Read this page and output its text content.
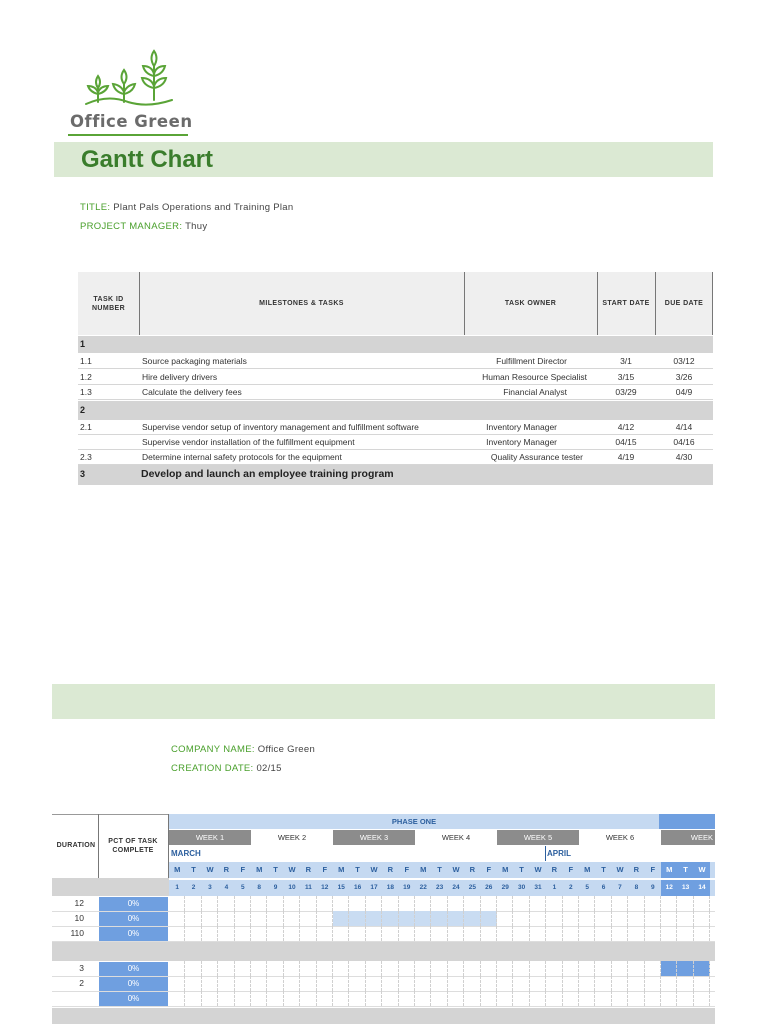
Office Green
Gantt Chart
TITLE: Plant Pals Operations and Training Plan
PROJECT MANAGER: Thuy
TASK ID NUMBER
MILESTONES & TASKS	TASK OWNER	START DATE	DUE DATE
1
1.1	Source packaging materials	Fulfillment Director	3/1	03/12
1.2	Hire delivery drivers	Human Resource Specialist	3/15	3/26
1.3	Calculate the delivery fees	Financial Analyst	03/29	04/9
2
2.1	Supervise vendor setup of inventory management and fulfillment software	Inventory Manager	4/12	4/14
Supervise vendor installation of the fulfillment equipment	Inventory Manager	04/15	04/16
2.3	Determine internal safety protocols for the equipment	Quality Assurance tester	4/19	4/30
3	Develop and launch an employee training program
COMPANY NAME: Office Green
CREATION DATE: 02/15
DURATION
PCT OF TASK COMPLETE
PHASE ONE
WEEK 1	WEEK 2	WEEK 3	WEEK 4	WEEK 5	WEEK 6	WEEK
MARCH	APRIL
M	T	W	R	F	M	T	W	R	F	M	T	W	R	F	M	T	W	R	F	M	T	W	R	F	M	T	W	R	F	M	T	W
1	2	3	4	5	8	9	10	11	12	15	16	17	18	19	22	23	24	25	26	29	30	31	1	2	5	6	7	8	9	12	13	14
12	0%
10	0%
110	0%
3	0%
2	0%
0%
